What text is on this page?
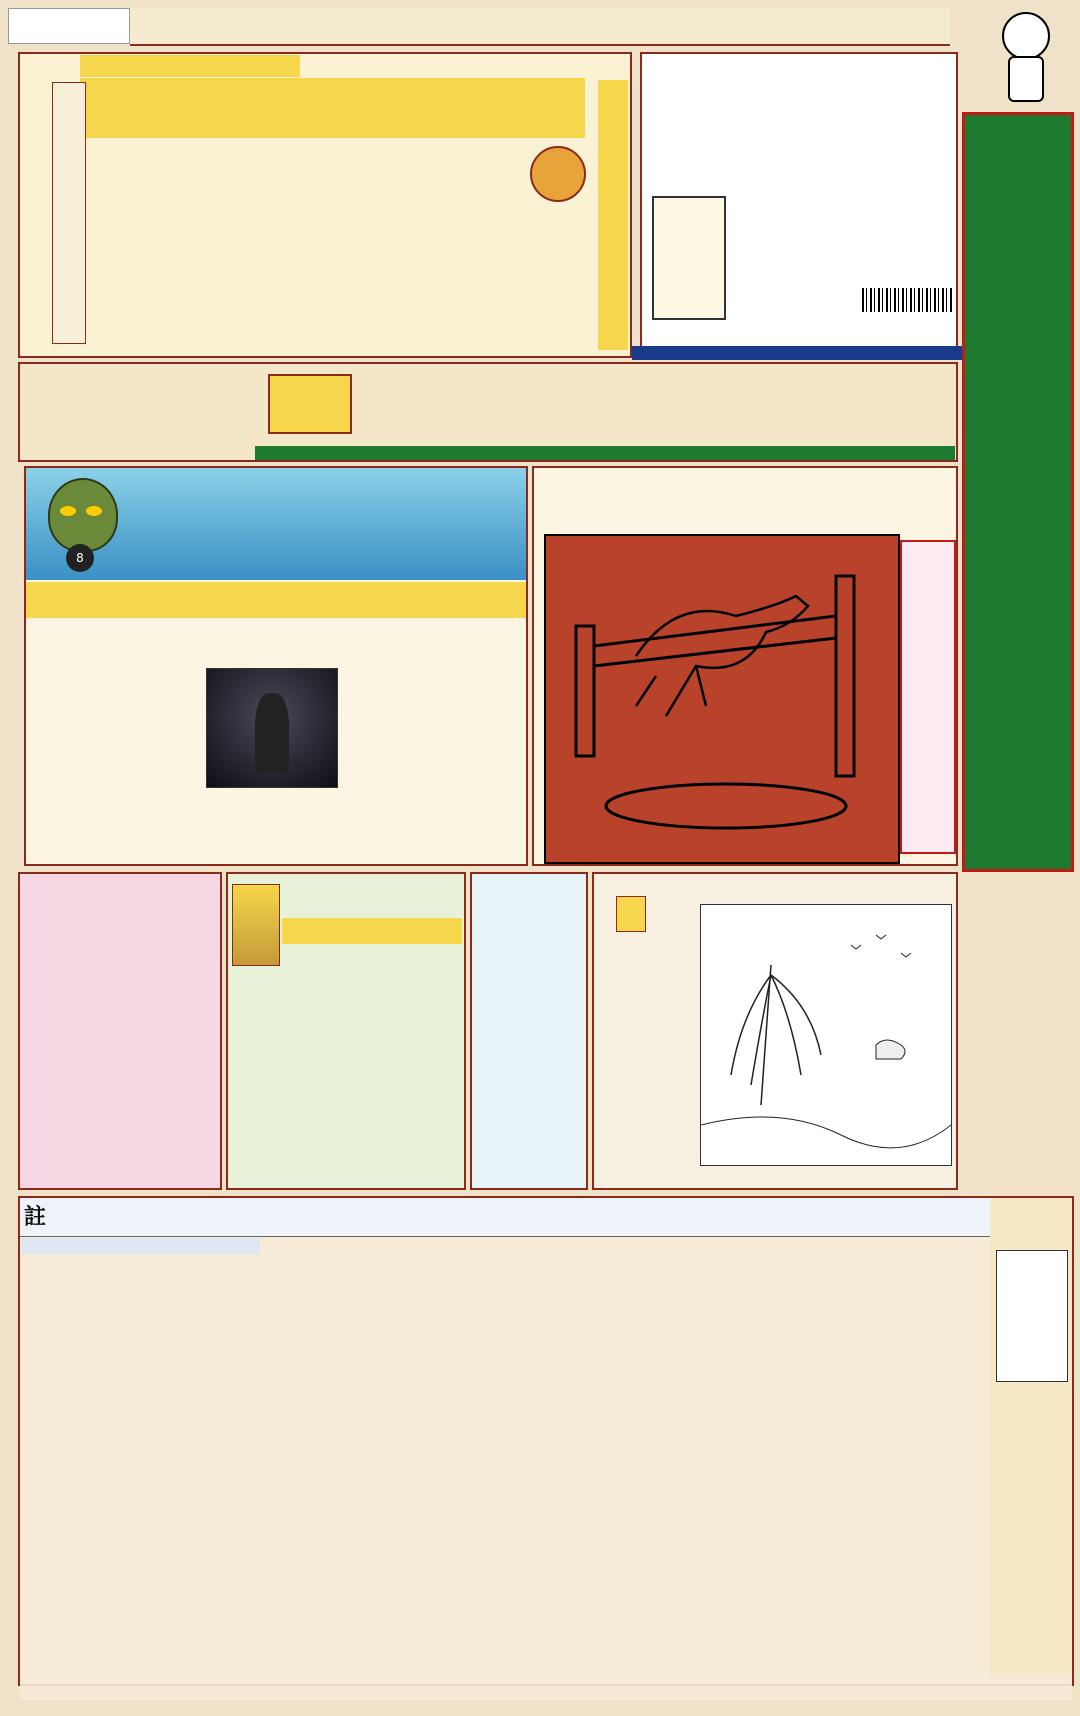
8
註
